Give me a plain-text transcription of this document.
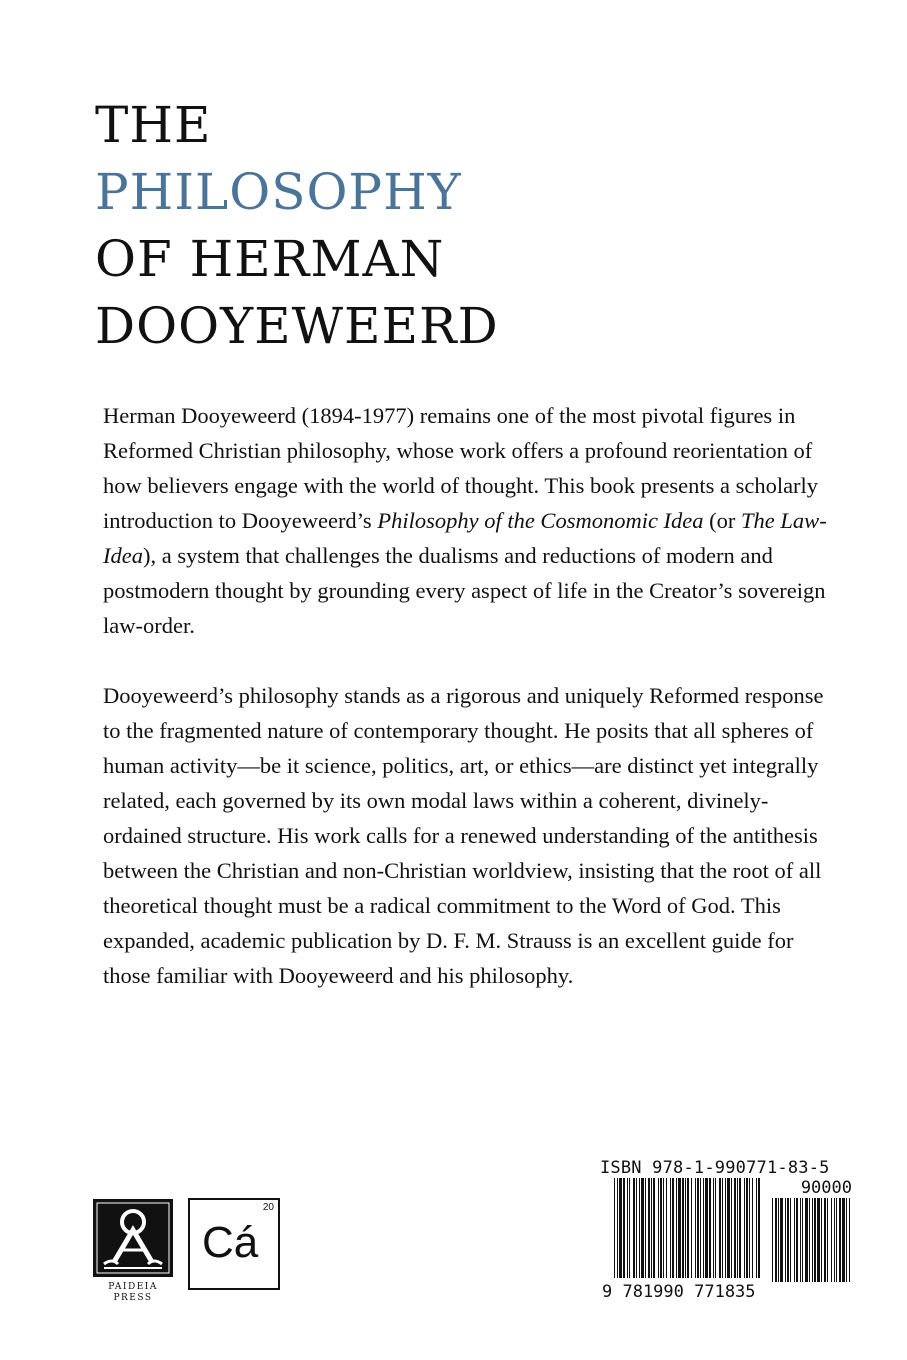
THE
PHILOSOPHY
OF HERMAN
DOOYEWEERD

Herman Dooyeweerd (1894-1977) remains one of the most pivotal figures in Reformed Christian philosophy, whose work offers a profound reorientation of how believers engage with the world of thought. This book presents a scholarly introduction to Dooyeweerd’s Philosophy of the Cosmonomic Idea (or The Law-Idea), a system that challenges the dualisms and reductions of modern and postmodern thought by grounding every aspect of life in the Creator’s sovereign law-order.

Dooyeweerd’s philosophy stands as a rigorous and uniquely Reformed response to the fragmented nature of contemporary thought. He posits that all spheres of human activity—be it science, politics, art, or ethics—are distinct yet integrally related, each governed by its own modal laws within a coherent, divinely-ordained structure. His work calls for a renewed understanding of the antithesis between the Christian and non-Christian worldview, insisting that the root of all theoretical thought must be a radical commitment to the Word of God. This expanded, academic publication by D. F. M. Strauss is an excellent guide for those familiar with Dooyeweerd and his philosophy.

PAIDEIA
PRESS
20
Cá
ISBN 978-1-990771-83-5
90000
9 781990 771835
